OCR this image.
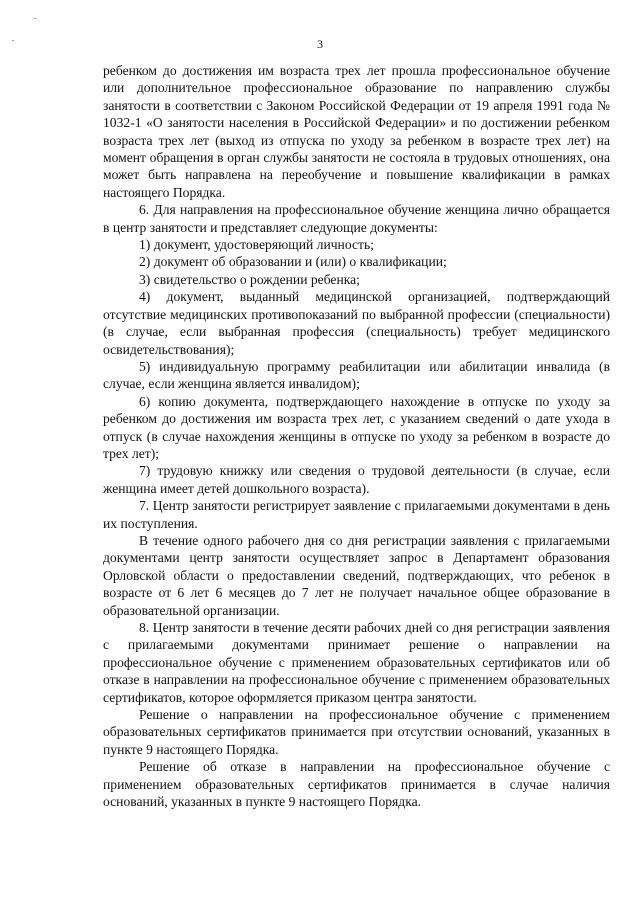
3

ребенком до достижения им возраста трех лет прошла профессиональное обучение или дополнительное профессиональное образование по направлению службы занятости в соответствии с Законом Российской Федерации от 19 апреля 1991 года № 1032-1 «О занятости населения в Российской Федерации» и по достижении ребенком возраста трех лет (выход из отпуска по уходу за ребенком в возрасте трех лет) на момент обращения в орган службы занятости не состояла в трудовых отношениях, она может быть направлена на переобучение и повышение квалификации в рамках настоящего Порядка.

6. Для направления на профессиональное обучение женщина лично обращается в центр занятости и представляет следующие документы:

1) документ, удостоверяющий личность;

2) документ об образовании и (или) о квалификации;

3) свидетельство о рождении ребенка;

4) документ, выданный медицинской организацией, подтверждающий отсутствие медицинских противопоказаний по выбранной профессии (специальности) (в случае, если выбранная профессия (специальность) требует медицинского освидетельствования);

5) индивидуальную программу реабилитации или абилитации инвалида (в случае, если женщина является инвалидом);

6) копию документа, подтверждающего нахождение в отпуске по уходу за ребенком до достижения им возраста трех лет, с указанием сведений о дате ухода в отпуск (в случае нахождения женщины в отпуске по уходу за ребенком в возрасте до трех лет);

7) трудовую книжку или сведения о трудовой деятельности (в случае, если женщина имеет детей дошкольного возраста).

7. Центр занятости регистрирует заявление с прилагаемыми документами в день их поступления.

В течение одного рабочего дня со дня регистрации заявления с прилагаемыми документами центр занятости осуществляет запрос в Департамент образования Орловской области о предоставлении сведений, подтверждающих, что ребенок в возрасте от 6 лет 6 месяцев до 7 лет не получает начальное общее образование в образовательной организации.

8. Центр занятости в течение десяти рабочих дней со дня регистрации заявления с прилагаемыми документами принимает решение о направлении на профессиональное обучение с применением образовательных сертификатов или об отказе в направлении на профессиональное обучение с применением образовательных сертификатов, которое оформляется приказом центра занятости.

Решение о направлении на профессиональное обучение с применением образовательных сертификатов принимается при отсутствии оснований, указанных в пункте 9 настоящего Порядка.

Решение об отказе в направлении на профессиональное обучение с применением образовательных сертификатов принимается в случае наличия оснований, указанных в пункте 9 настоящего Порядка.
